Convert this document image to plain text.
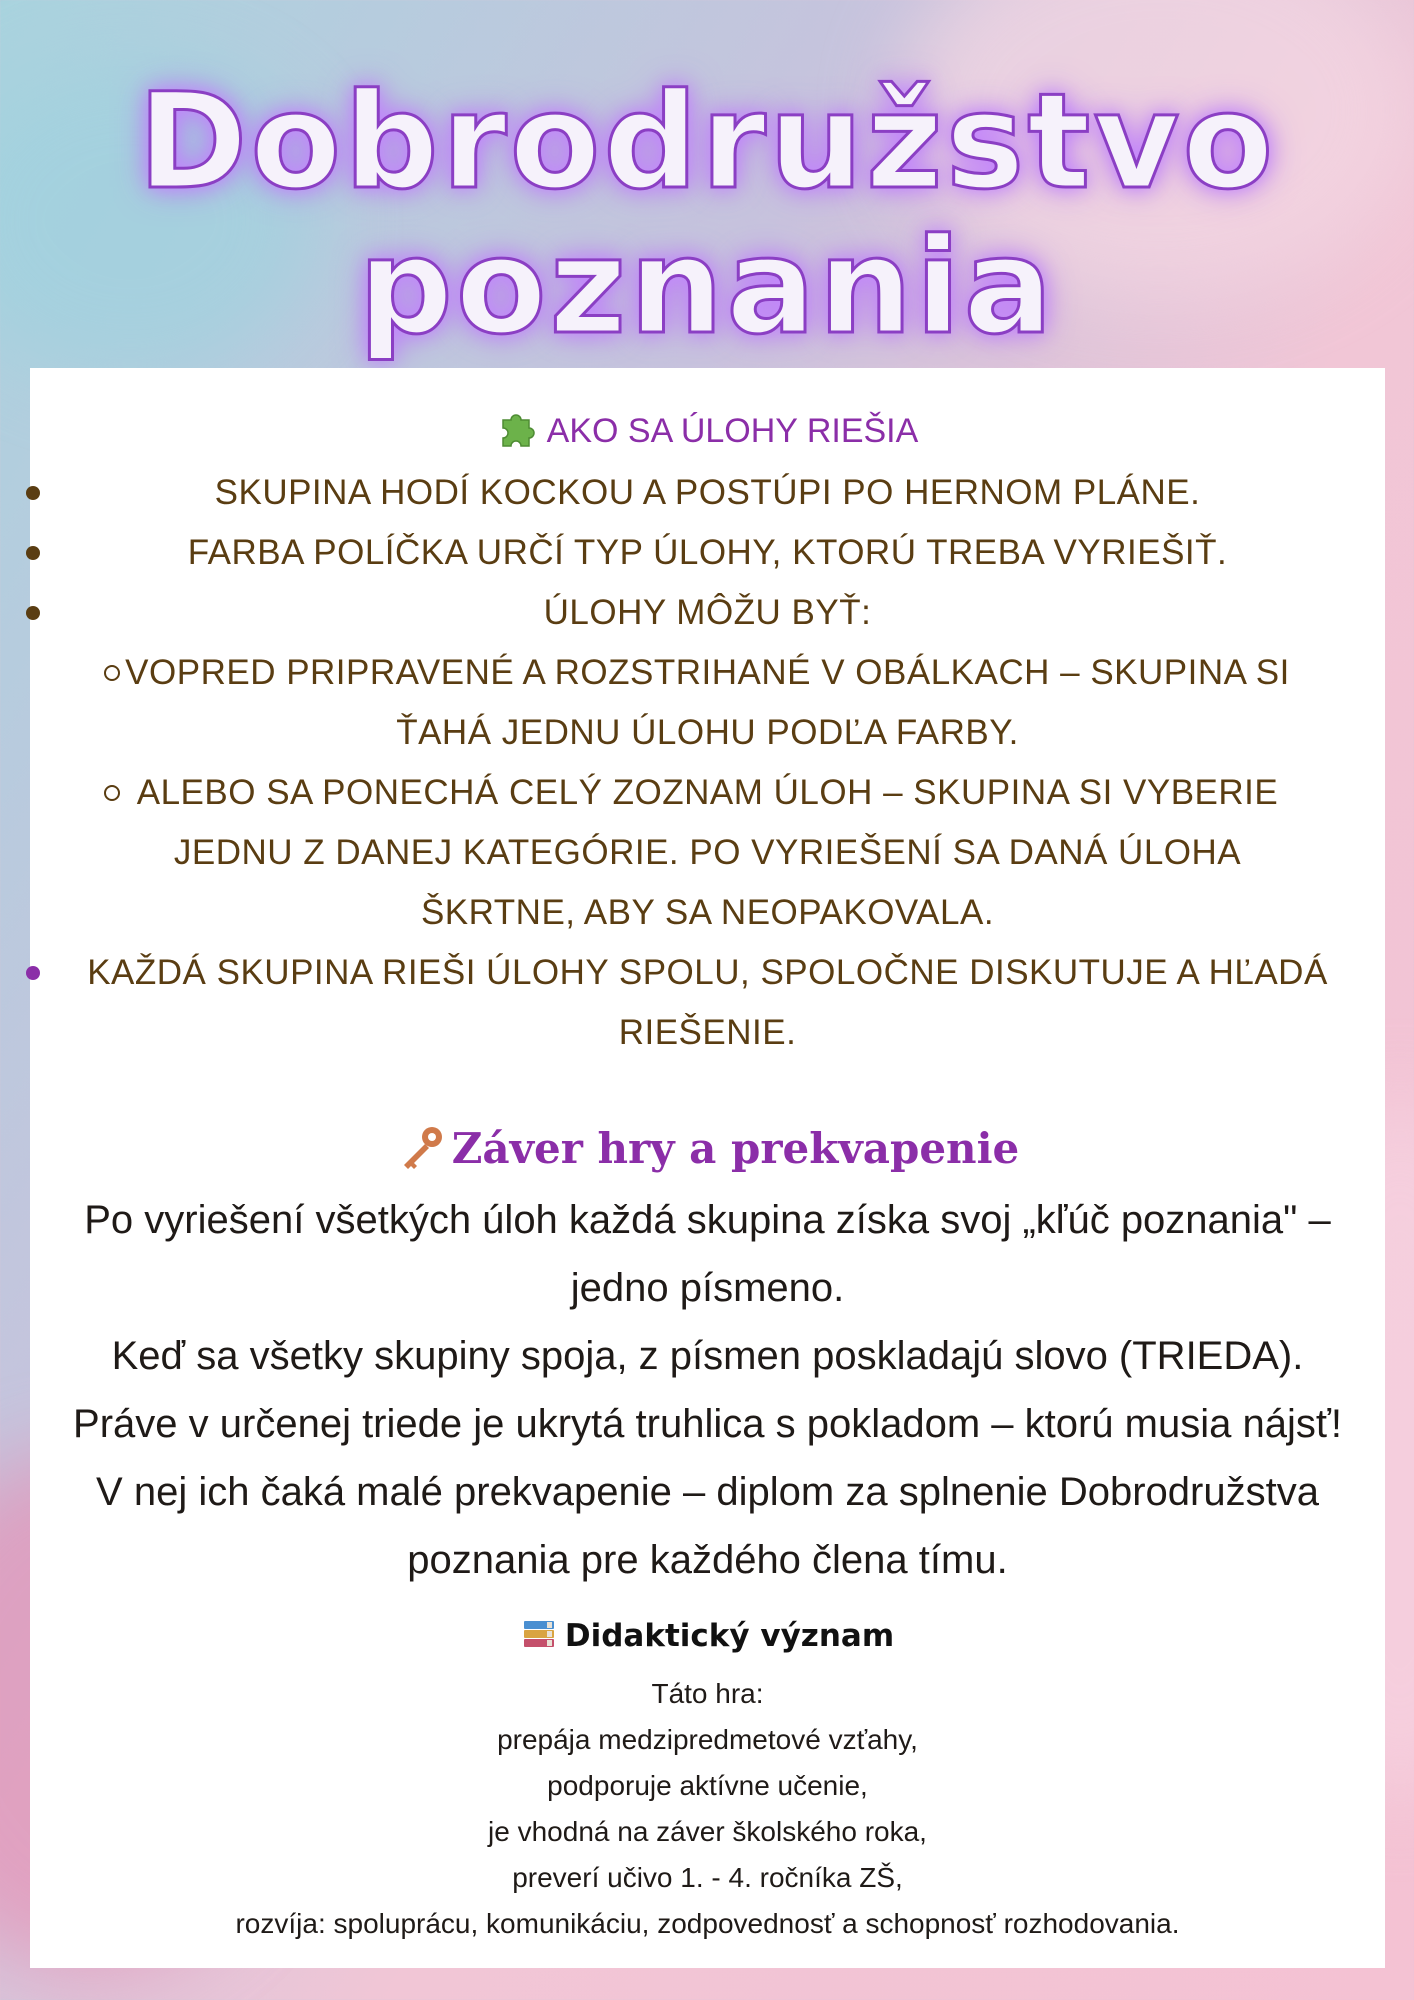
Dobrodružstvo
poznania
AKO SA ÚLOHY RIEŠIA
SKUPINA HODÍ KOCKOU A POSTÚPI PO HERNOM PLÁNE.
FARBA POLÍČKA URČÍ TYP ÚLOHY, KTORÚ TREBA VYRIEŠIŤ.
ÚLOHY MÔŽU BYŤ:
VOPRED PRIPRAVENÉ A ROZSTRIHANÉ V OBÁLKACH – SKUPINA SI
ŤAHÁ JEDNU ÚLOHU PODĽA FARBY.
ALEBO SA PONECHÁ CELÝ ZOZNAM ÚLOH – SKUPINA SI VYBERIE
JEDNU Z DANEJ KATEGÓRIE. PO VYRIEŠENÍ SA DANÁ ÚLOHA
ŠKRTNE, ABY SA NEOPAKOVALA.
KAŽDÁ SKUPINA RIEŠI ÚLOHY SPOLU, SPOLOČNE DISKUTUJE A HĽADÁ
RIEŠENIE.
Záver hry a prekvapenie
Po vyriešení všetkých úloh každá skupina získa svoj „kľúč poznania" –
jedno písmeno.
Keď sa všetky skupiny spoja, z písmen poskladajú slovo (TRIEDA).
Práve v určenej triede je ukrytá truhlica s pokladom – ktorú musia nájsť!
V nej ich čaká malé prekvapenie – diplom za splnenie Dobrodružstva
poznania pre každého člena tímu.
Didaktický význam
Táto hra:
prepája medzipredmetové vzťahy,
podporuje aktívne učenie,
je vhodná na záver školského roka,
preverí učivo 1. - 4. ročníka ZŠ,
rozvíja: spoluprácu, komunikáciu, zodpovednosť a schopnosť rozhodovania.
